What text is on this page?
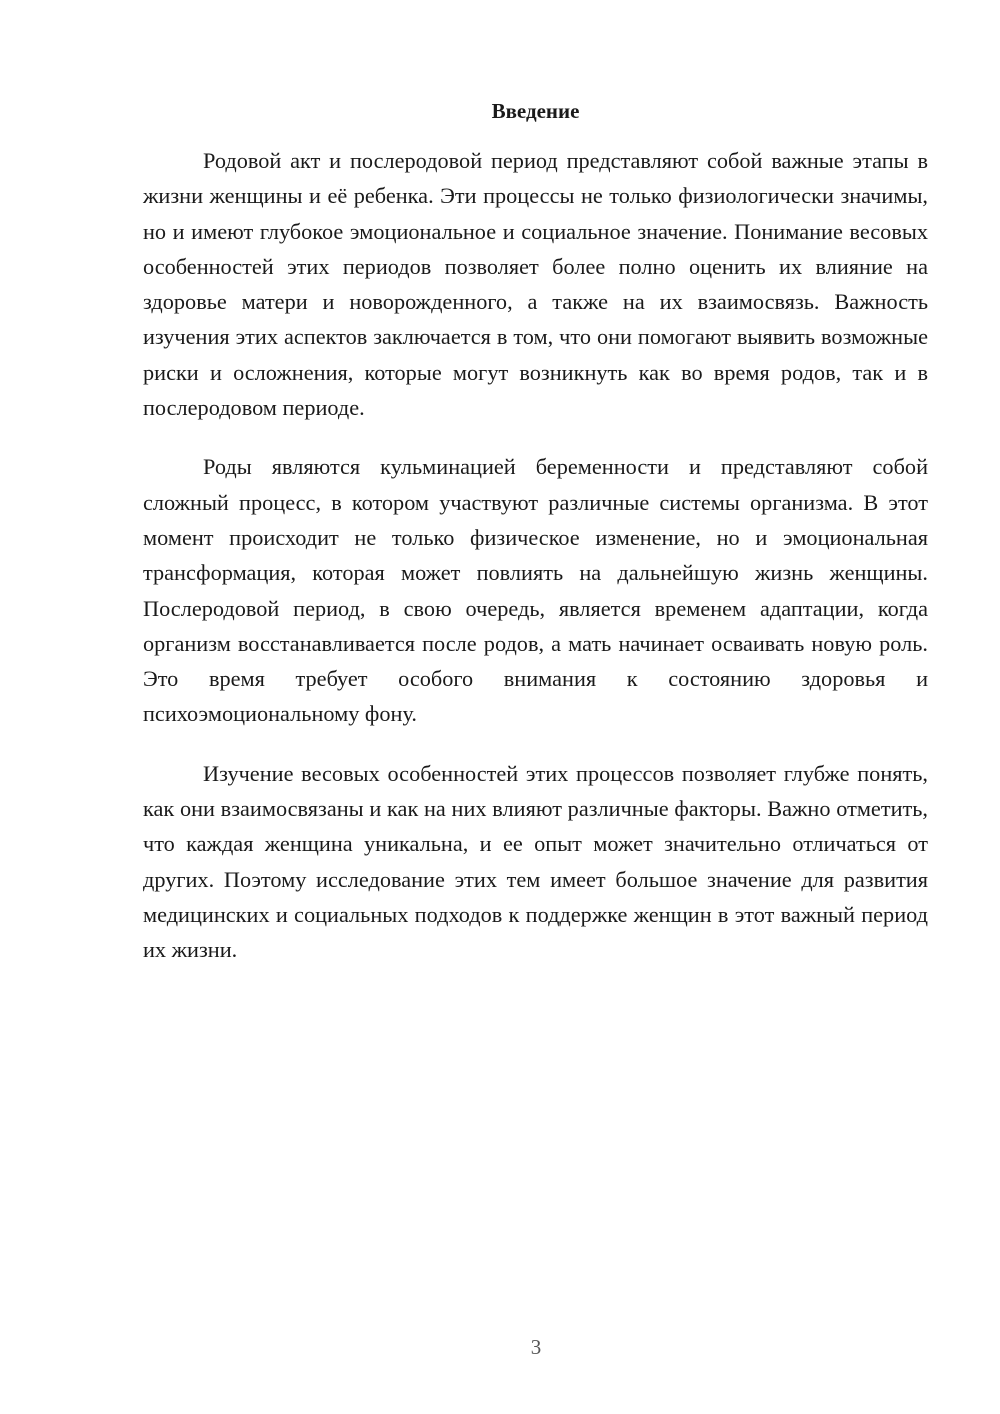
Введение

Родовой акт и послеродовой период представляют собой важные этапы в жизни женщины и её ребенка. Эти процессы не только физиологически значимы, но и имеют глубокое эмоциональное и социальное значение. Понимание весовых особенностей этих периодов позволяет более полно оценить их влияние на здоровье матери и новорожденного, а также на их взаимосвязь. Важность изучения этих аспектов заключается в том, что они помогают выявить возможные риски и осложнения, которые могут возникнуть как во время родов, так и в послеродовом периоде.

Роды являются кульминацией беременности и представляют собой сложный процесс, в котором участвуют различные системы организма. В этот момент происходит не только физическое изменение, но и эмоциональная трансформация, которая может повлиять на дальнейшую жизнь женщины. Послеродовой период, в свою очередь, является временем адаптации, когда организм восстанавливается после родов, а мать начинает осваивать новую роль. Это время требует особого внимания к состоянию здоровья и психоэмоциональному фону.

Изучение весовых особенностей этих процессов позволяет глубже понять, как они взаимосвязаны и как на них влияют различные факторы. Важно отметить, что каждая женщина уникальна, и ее опыт может значительно отличаться от других. Поэтому исследование этих тем имеет большое значение для развития медицинских и социальных подходов к поддержке женщин в этот важный период их жизни.

3
